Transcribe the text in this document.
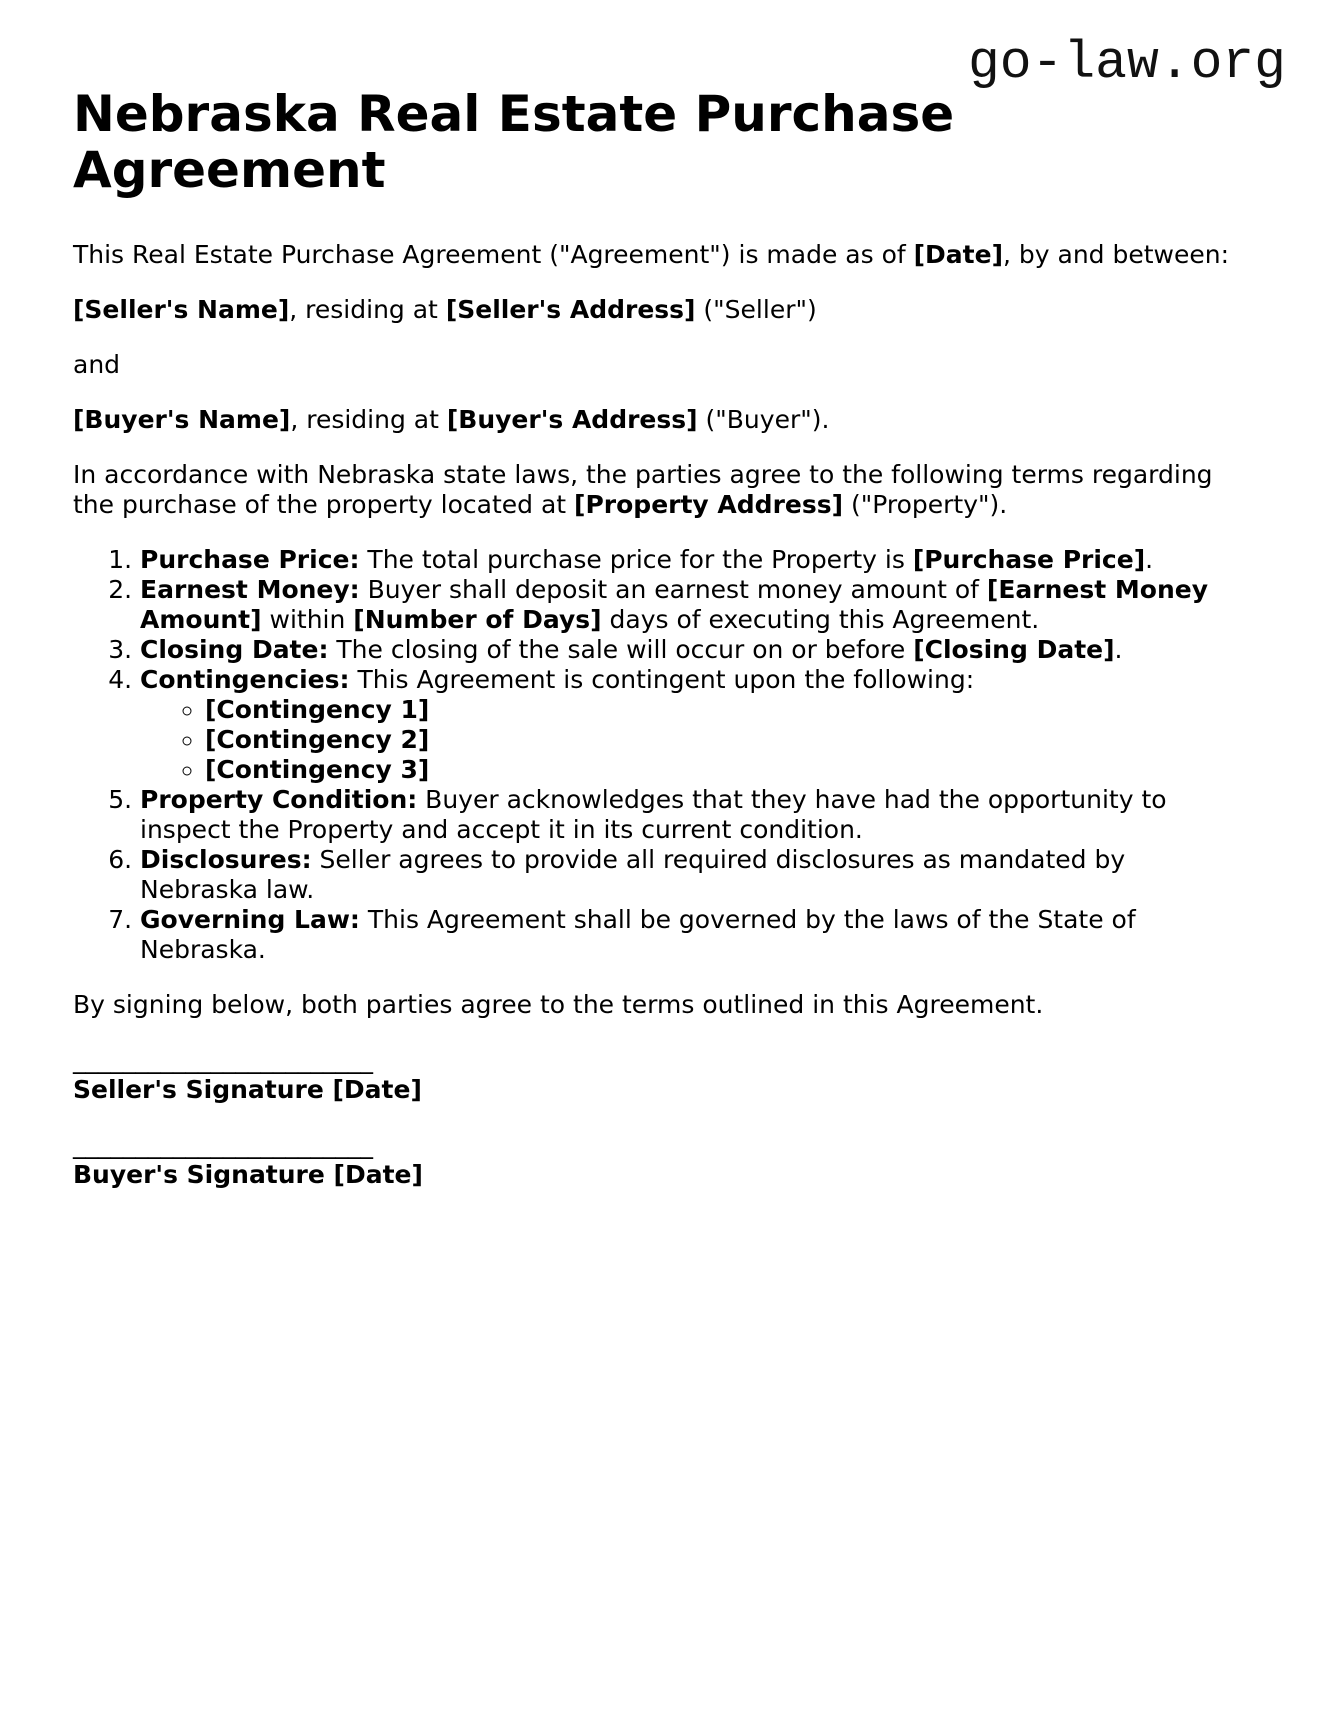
go-law.org
Nebraska Real Estate Purchase Agreement

This Real Estate Purchase Agreement ("Agreement") is made as of [Date], by and between:

[Seller's Name], residing at [Seller's Address] ("Seller")

and

[Buyer's Name], residing at [Buyer's Address] ("Buyer").

In accordance with Nebraska state laws, the parties agree to the following terms regarding the purchase of the property located at [Property Address] ("Property").

1. Purchase Price: The total purchase price for the Property is [Purchase Price].
2. Earnest Money: Buyer shall deposit an earnest money amount of [Earnest Money Amount] within [Number of Days] days of executing this Agreement.
3. Closing Date: The closing of the sale will occur on or before [Closing Date].
4. Contingencies: This Agreement is contingent upon the following:
◦ [Contingency 1]
◦ [Contingency 2]
◦ [Contingency 3]
5. Property Condition: Buyer acknowledges that they have had the opportunity to inspect the Property and accept it in its current condition.
6. Disclosures: Seller agrees to provide all required disclosures as mandated by Nebraska law.
7. Governing Law: This Agreement shall be governed by the laws of the State of Nebraska.

By signing below, both parties agree to the terms outlined in this Agreement.

________________________
Seller's Signature [Date]

________________________
Buyer's Signature [Date]
